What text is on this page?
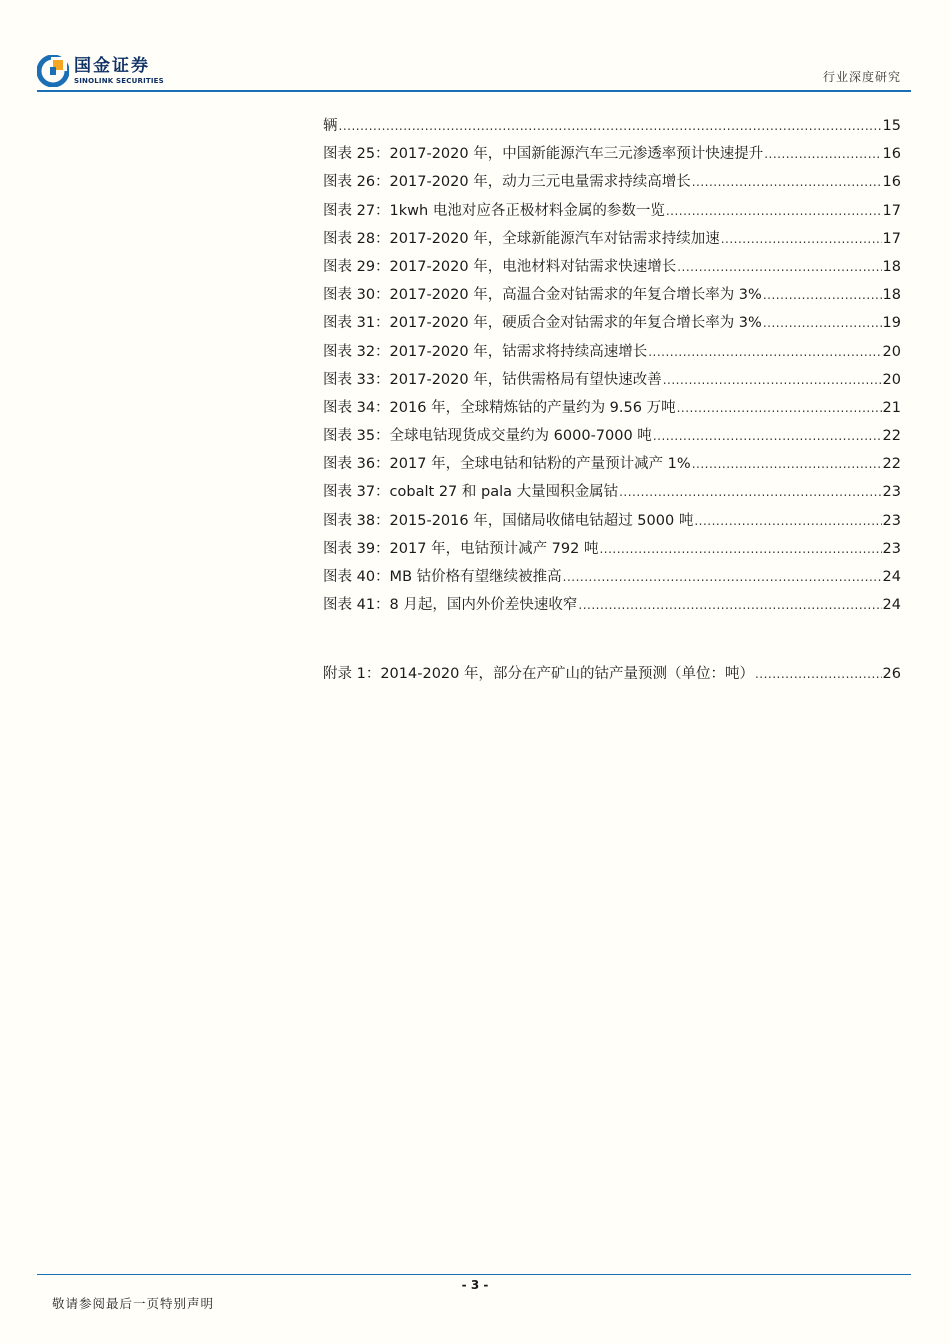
国金证券
SINOLINK SECURITIES	行业深度研究
辆 .....	15
图表 25：2017-2020 年，中国新能源汽车三元渗透率预计快速提升 .....	16
图表 26：2017-2020 年，动力三元电量需求持续高增长 .....	16
图表 27：1kwh 电池对应各正极材料金属的参数一览 .....	17
图表 28：2017-2020 年，全球新能源汽车对钴需求持续加速 .....	17
图表 29：2017-2020 年，电池材料对钴需求快速增长 .....	18
图表 30：2017-2020 年，高温合金对钴需求的年复合增长率为 3% .....	18
图表 31：2017-2020 年，硬质合金对钴需求的年复合增长率为 3% .....	19
图表 32：2017-2020 年，钴需求将持续高速增长 .....	20
图表 33：2017-2020 年，钴供需格局有望快速改善 .....	20
图表 34：2016 年，全球精炼钴的产量约为 9.56 万吨 .....	21
图表 35：全球电钴现货成交量约为 6000-7000 吨 .....	22
图表 36：2017 年，全球电钴和钴粉的产量预计减产 1% .....	22
图表 37：cobalt 27 和 pala 大量囤积金属钴 .....	23
图表 38：2015-2016 年，国储局收储电钴超过 5000 吨 .....	23
图表 39：2017 年，电钴预计减产 792 吨 .....	23
图表 40：MB 钴价格有望继续被推高 .....	24
图表 41：8 月起，国内外价差快速收窄 .....	24
附录 1：2014-2020 年，部分在产矿山的钴产量预测（单位：吨） .....	26
- 3 -
敬请参阅最后一页特别声明
